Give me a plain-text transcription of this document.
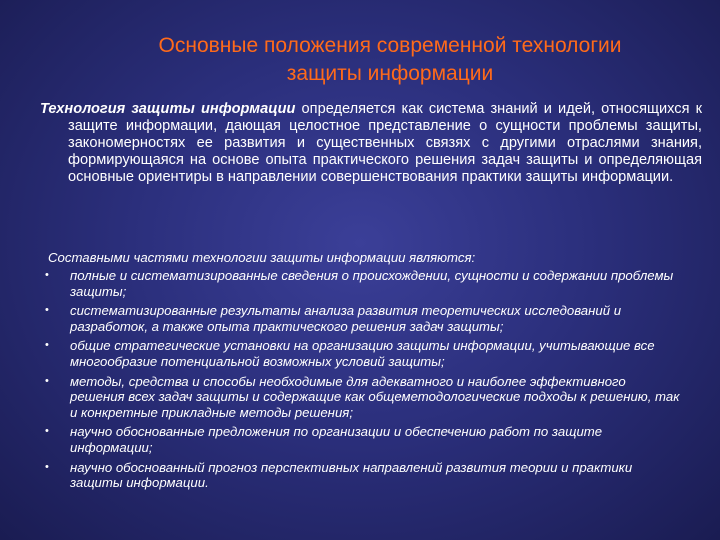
Основные положения современной технологии
защиты информации
Технология защиты информации определяется как система знаний и идей, относящихся к защите информации, дающая целостное представление о сущности проблемы защиты, закономерностях ее развития и существенных связях с другими отраслями знания, формирующаяся на основе опыта практического решения задач защиты и определяющая основные ориентиры в направлении совершенствования практики защиты информации.
Составными частями технологии защиты информации являются:
• полные и систематизированные сведения о происхождении, сущности и содержании проблемы защиты;
• систематизированные результаты анализа развития теоретических исследований и разработок, а также опыта практического решения задач защиты;
• общие стратегические установки на организацию защиты информации, учитывающие все многообразие потенциальной возможных условий защиты;
• методы, средства и способы необходимые для адекватного и наиболее эффективного решения всех задач защиты и содержащие как общеметодологические подходы к решению, так и конкретные прикладные методы решения;
• научно обоснованные предложения по организации и обеспечению работ по защите информации;
• научно обоснованный прогноз перспективных направлений развития теории и практики защиты информации.
